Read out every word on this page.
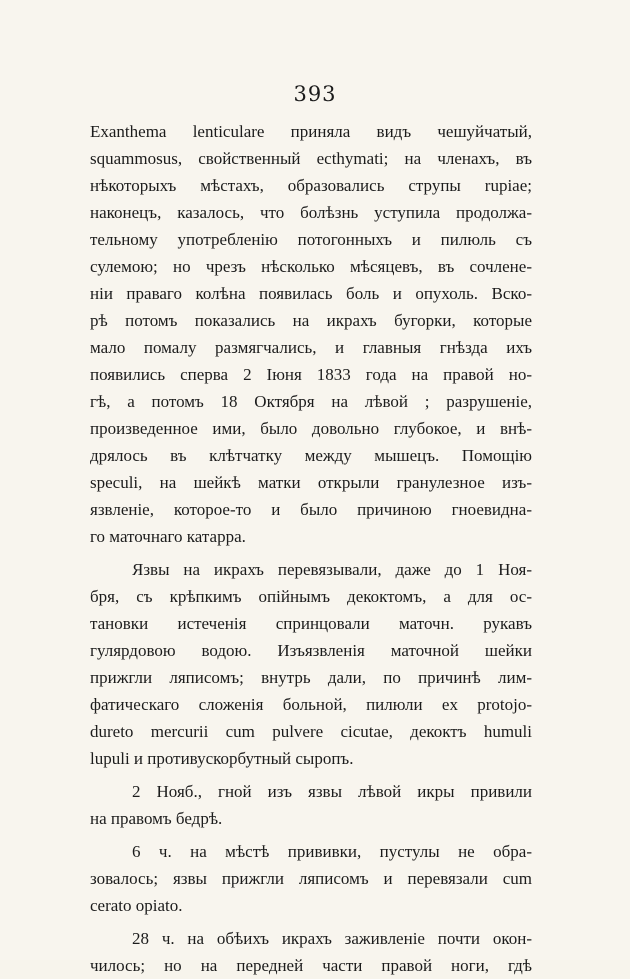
393
Exanthema lenticulare приняла видъ чешуйчатый,
squammosus, свойственный ecthymati; на членахъ, въ
нѣкоторыхъ мѣстахъ, образовались струпы rupiae;
наконецъ, казалось, что болѣзнь уступила продолжа-
тельному употребленію потогонныхъ и пилюль съ
сулемою; но чрезъ нѣсколько мѣсяцевъ, въ сочлене-
ніи праваго колѣна появилась боль и опухоль. Вско-
рѣ потомъ показались на икрахъ бугорки, которые
мало помалу размягчались, и главныя гнѣзда ихъ
появились сперва 2 Іюня 1833 года на правой но-
гѣ, а потомъ 18 Октября на лѣвой ; разрушеніе,
произведенное ими, было довольно глубокое, и внѣ-
дрялось въ клѣтчатку между мышецъ. Помощію
speculi, на шейкѣ матки открыли гранулезное изъ-
язвленіе, которое-то и было причиною гноевидна-
го маточнаго катарра.
Язвы на икрахъ перевязывали, даже до 1 Ноя-
бря, съ крѣпкимъ опійнымъ декоктомъ, а для ос-
тановки истеченія спринцовали маточн. рукавъ
гулярдовою водою. Изъязвленія маточной шейки
прижгли ляписомъ; внутрь дали, по причинѣ лим-
фатическаго сложенія больной, пилюли ex protojo-
dureto mercurii cum pulvere cicutae, декоктъ humuli
lupuli и противускорбутный сыропъ.
2 Нояб., гной изъ язвы лѣвой икры привили
на правомъ бедрѣ.
6 ч. на мѣстѣ прививки, пустулы не обра-
зовалось; язвы прижгли ляписомъ и перевязали cum
cerato opiato.
28 ч. на обѣихъ икрахъ заживленіе почти окон-
чилось; но на передней части правой ноги, гдѣ
